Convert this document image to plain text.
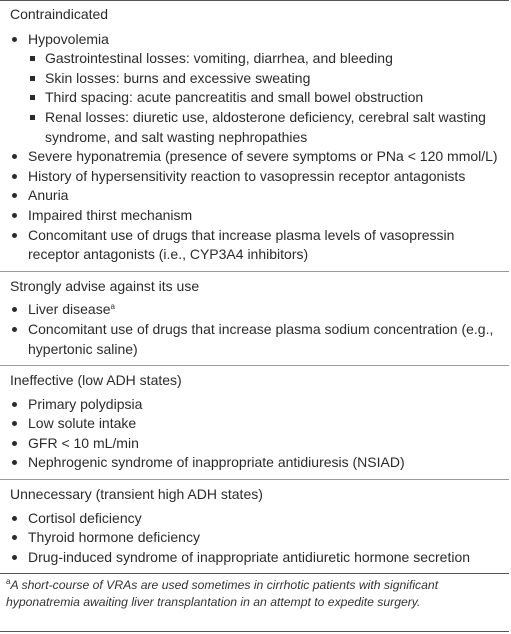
Contraindicated
Hypovolemia
Gastrointestinal losses: vomiting, diarrhea, and bleeding
Skin losses: burns and excessive sweating
Third spacing: acute pancreatitis and small bowel obstruction
Renal losses: diuretic use, aldosterone deficiency, cerebral salt wasting syndrome, and salt wasting nephropathies
Severe hyponatremia (presence of severe symptoms or PNa < 120 mmol/L)
History of hypersensitivity reaction to vasopressin receptor antagonists
Anuria
Impaired thirst mechanism
Concomitant use of drugs that increase plasma levels of vasopressin receptor antagonists (i.e., CYP3A4 inhibitors)
Strongly advise against its use
Liver disease$^a$
Concomitant use of drugs that increase plasma sodium concentration (e.g., hypertonic saline)
Ineffective (low ADH states)
Primary polydipsia
Low solute intake
GFR < 10 mL/min
Nephrogenic syndrome of inappropriate antidiuresis (NSIAD)
Unnecessary (transient high ADH states)
Cortisol deficiency
Thyroid hormone deficiency
Drug-induced syndrome of inappropriate antidiuretic hormone secretion
$^a$A short-course of VRAs are used sometimes in cirrhotic patients with significant hyponatremia awaiting liver transplantation in an attempt to expedite surgery.
